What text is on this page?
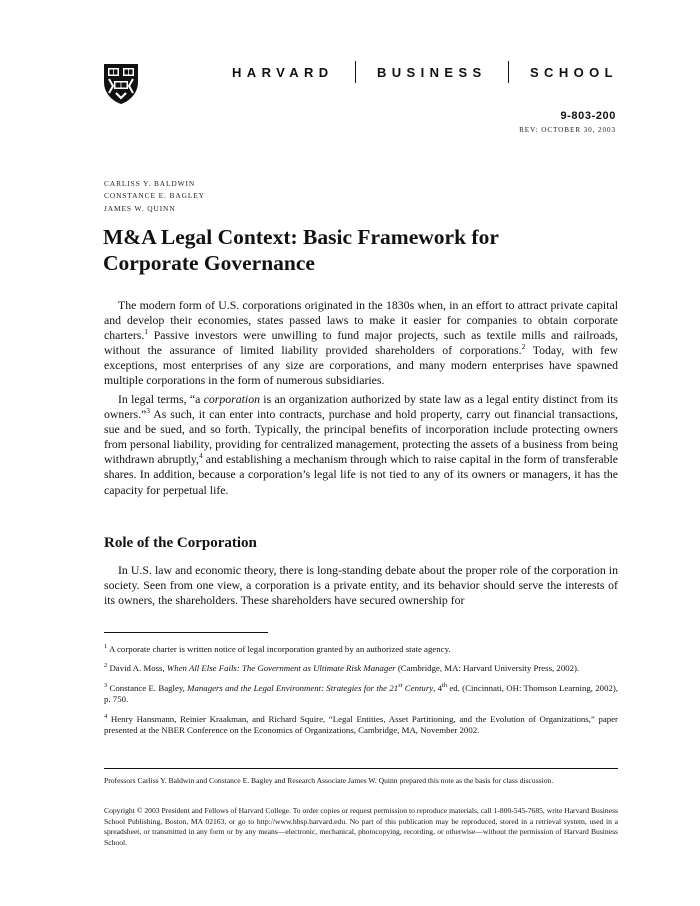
HARVARD	BUSINESS	SCHOOL
9-803-200
REV: OCTOBER 30, 2003
CARLISS Y. BALDWIN
CONSTANCE E. BAGLEY
JAMES W. QUINN
M&A Legal Context: Basic Framework for
Corporate Governance

The modern form of U.S. corporations originated in the 1830s when, in an effort to attract private capital and develop their economies, states passed laws to make it easier for companies to obtain corporate charters.$^1$ Passive investors were unwilling to fund major projects, such as textile mills and railroads, without the assurance of limited liability provided shareholders of corporations.$^2$ Today, with few exceptions, most enterprises of any size are corporations, and many modern enterprises have spawned multiple corporations in the form of numerous subsidiaries.

In legal terms, “a corporation is an organization authorized by state law as a legal entity distinct from its owners.”$^3$ As such, it can enter into contracts, purchase and hold property, carry out financial transactions, sue and be sued, and so forth. Typically, the principal benefits of incorporation include protecting owners from personal liability, providing for centralized management, protecting the assets of a business from being withdrawn abruptly,$^4$ and establishing a mechanism through which to raise capital in the form of transferable shares. In addition, because a corporation’s legal life is not tied to any of its owners or managers, it has the capacity for perpetual life.

Role of the Corporation

In U.S. law and economic theory, there is long-standing debate about the proper role of the corporation in society. Seen from one view, a corporation is a private entity, and its behavior should serve the interests of its owners, the shareholders. These shareholders have secured ownership for

$^1$ A corporate charter is written notice of legal incorporation granted by an authorized state agency.

$^2$ David A. Moss, When All Else Fails: The Government as Ultimate Risk Manager (Cambridge, MA: Harvard University Press, 2002).

$^3$ Constance E. Bagley, Managers and the Legal Environment: Strategies for the 21st Century, 4th ed. (Cincinnati, OH: Thomson Learning, 2002), p. 750.

$^4$ Henry Hansmann, Reinier Kraakman, and Richard Squire, “Legal Entities, Asset Partitioning, and the Evolution of Organizations,” paper presented at the NBER Conference on the Economics of Organizations, Cambridge, MA, November 2002.

Professors Carliss Y. Baldwin and Constance E. Bagley and Research Associate James W. Quinn prepared this note as the basis for class discussion.

Copyright © 2003 President and Fellows of Harvard College. To order copies or request permission to reproduce materials, call 1-800-545-7685, write Harvard Business School Publishing, Boston, MA 02163, or go to http://www.hbsp.harvard.edu. No part of this publication may be reproduced, stored in a retrieval system, used in a spreadsheet, or transmitted in any form or by any means—electronic, mechanical, photocopying, recording, or otherwise—without the permission of Harvard Business School.
